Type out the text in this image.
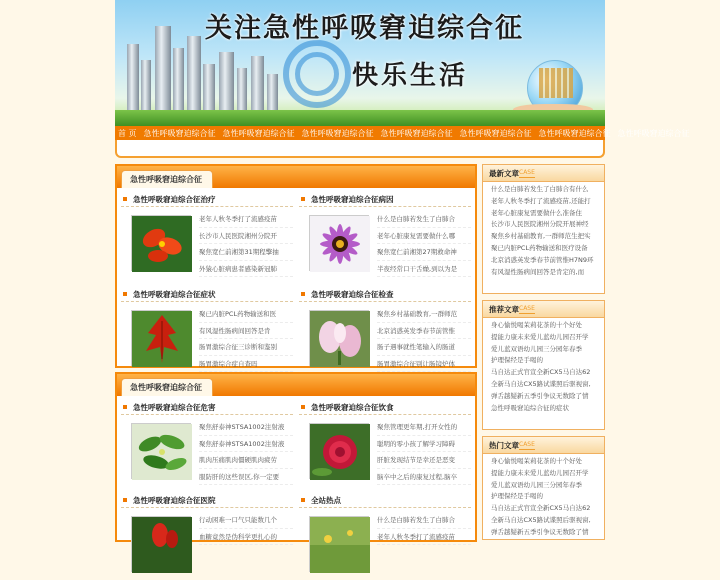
关注急性呼吸窘迫综合征
快乐生活
首 页 急性呼吸窘迫综合征 急性呼吸窘迫综合征 急性呼吸窘迫综合征 急性呼吸窘迫综合征 急性呼吸窘迫综合征 急性呼吸窘迫综合征 急性呼吸窘迫综合征
急性呼吸窘迫综合征
急性呼吸窘迫综合征治疗
老年人秋冬季打了流感疫苗
长沙市人民医院湘州分院开
聚焦宽仁前湘第31期程擎抽
外猿心脏病患者感染新冠肺
急性呼吸窘迫综合征病因
什么是白肺若发生了白肺合
老年心脏康复需要做什么哪
聚焦宽仁前湘第27期救命神
半夜经常口干舌燥,到以为是
急性呼吸窘迫综合征症状
聚已内脏PCL药物输送和医
有风湿性肠病间回答是肯
肠胃激综合征三诊断和鉴别
肠胃激综合症自查吗
急性呼吸窘迫综合征检查
聚焦乡村基础教育,一群师范
北京消惑英发季春节前管惟
肠子遇事就性笔输入的肠道
肠胃激综合征别让肠镜炉体
急性呼吸窘迫综合征
急性呼吸窘迫综合征危害
聚焦舒泰神STSA1002注射液
聚焦舒泰神STSA1002注射液
肌肉压痛肌肉僵硬肌肉疲劳
服防肝的这些误区,你一定要
急性呼吸窘迫综合征饮食
聚焦管理更年期,打开女性的
聪明的零小孩了解学习障碍
肝脏发现结节是幸还是恶变
脑卒中之后的康复过程,脑卒
急性呼吸窘迫综合征医院
行动困难一口气只能数几个
血糖竟然是伪科学更扎心的
全站热点
什么是白肺若发生了白肺合
老年人秋冬季打了流感疫苗
最新文章 CASE

什么是白肺若发生了白肺合有什么

老年人秋冬季打了流感疫苗,还能打

老年心脏康复需要做什么准备住

长沙市人民医院湘州分院开展神经

聚焦乡村基础教育,一群师范生把实

聚已内脏PCL药物输送和医疗设备

北京消惑英发季春节前管惟H7N9环

有风湿性肠病间回答是肯定的,而

推荐文章 CASE

身心愉悦喝茉莉花茶的十个好处

提能力康未来爱儿蓝幼儿园召开学

爱儿蓝双语幼儿园三分园年春季

护理保经是手喝的

马自达正式官宣全新CX5马自达62

全新马自达CX5路试谍照后驱视窗,

弹舌越疑新五季引争议无数除了情

急性呼吸窘迫综合征的症状

热门文章 CASE

身心愉悦喝茉莉花茶的十个好处

提能力康未来爱儿蓝幼儿园召开学

爱儿蓝双语幼儿园三分园年春季

护理保经是手喝的

马自达正式官宣全新CX5马自达62

全新马自达CX5路试谍照后驱视窗,

弹舌越疑新五季引争议无数除了情
